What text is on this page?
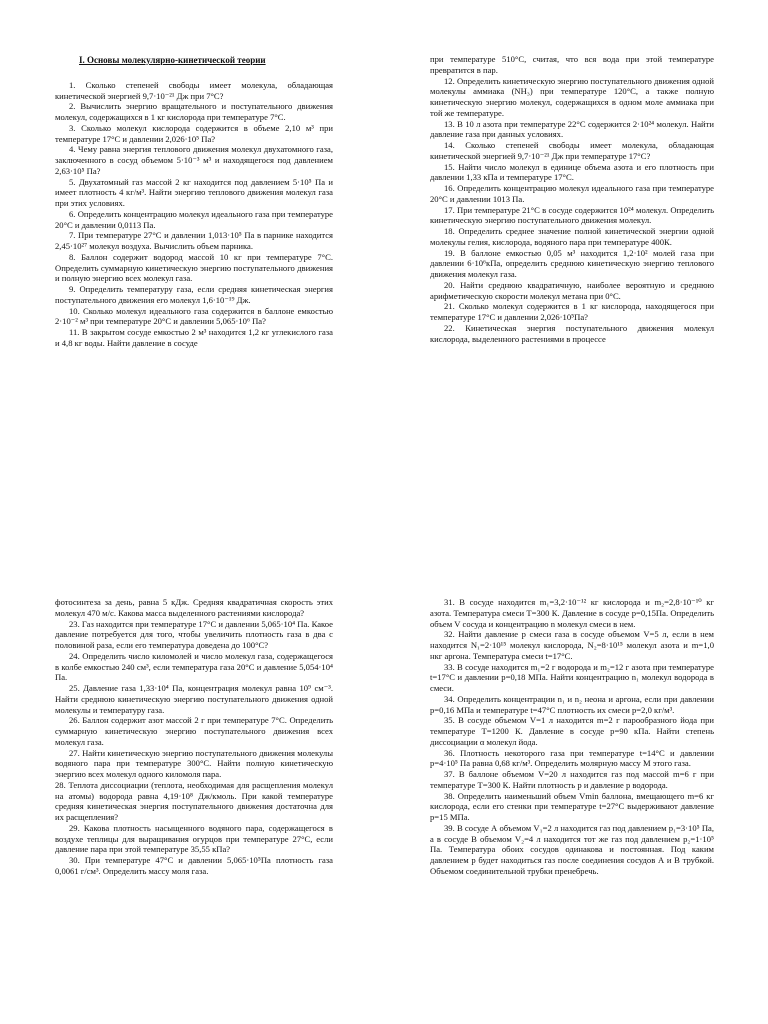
I. Основы молекулярно-кинетической теории

1. Сколько степеней свободы имеет молекула, обладающая кинетической энергией 9,7·10⁻²¹ Дж при 7°С?

2. Вычислить энергию вращательного и поступательного движения молекул, содержащихся в 1 кг кислорода при температуре 7°С.

3. Сколько молекул кислорода содержится в объеме 2,10 м³ при температуре 17°С и давлении 2,026·10⁵ Па?

4. Чему равна энергия теплового движения молекул двухатомного газа, заключенного в сосуд объемом 5·10⁻³ м³ и находящегося под давлением 2,63·10⁵ Па?

5. Двухатомный газ массой 2 кг находится под давлением 5·10⁵ Па и имеет плотность 4 кг/м³. Найти энергию теплового движения молекул газа при этих условиях.

6. Определить концентрацию молекул идеального газа при температуре 20°С и давлении 0,0113 Па.

7. При температуре 27°С и давлении 1,013·10⁵ Па в парнике находится 2,45·10²⁷ молекул воздуха. Вычислить объем парника.

8. Баллон содержит водород массой 10 кг при температуре 7°С. Определить суммарную кинетическую энергию поступательного движения и полную энергию всех молекул газа.

9. Определить температуру газа, если средняя кинетическая энергия поступательного движения его молекул 1,6·10⁻¹⁹ Дж.

10. Сколько молекул идеального газа содержится в баллоне емкостью 2·10⁻² м³ при температуре 20°С и давлении 5,065·10⁶ Па?

11. В закрытом сосуде емкостью 2 м³ находится 1,2 кг углекислого газа и 4,8 кг воды. Найти давление в сосуде

при температуре 510°С, считая, что вся вода при этой температуре превратится в пар.

12. Определить кинетическую энергию поступательного движения одной молекулы аммиака (NH₃) при температуре 120°С, а также полную кинетическую энергию молекул, содержащихся в одном моле аммиака при той же температуре.

13. В 10 л азота при температуре 22°С содержится 2·10²⁴ молекул. Найти давление газа при данных условиях.

14. Сколько степеней свободы имеет молекула, обладающая кинетической энергией 9,7·10⁻²¹ Дж при температуре 17°С?

15. Найти число молекул в единице объема азота и его плотность при давлении 1,33 кПа и температуре 17°С.

16. Определить концентрацию молекул идеального газа при температуре 20°С и давлении 1013 Па.

17. При температуре 21°С в сосуде содержится 10²⁴ молекул. Определить кинетическую энергию поступательного движения молекул.

18. Определить среднее значение полной кинетической энергии одной молекулы гелия, кислорода, водяного пара при температуре 400К.

19. В баллоне емкостью 0,05 м³ находится 1,2·10² молей газа при давлении 6·10⁶кПа, определить среднюю кинетическую энергию теплового движения молекул газа.

20. Найти среднюю квадратичную, наиболее вероятную и среднюю арифметическую скорости молекул метана при 0°С.

21. Сколько молекул содержится в 1 кг кислорода, находящегося при температуре 17°С и давлении 2,026·10⁵Па?

22. Кинетическая энергия поступательного движения молекул кислорода, выделенного растениями в процессе

фотосинтеза за день, равна 5 кДж. Средняя квадратичная скорость этих молекул 470 м/с. Какова масса выделенного растениями кислорода?

23. Газ находится при температуре 17°С и давлении 5,065·10⁴ Па. Какое давление потребуется для того, чтобы увеличить плотность газа в два с половиной раза, если его температура доведена до 100°С?

24. Определить число киломолей и число молекул газа, содержащегося в колбе емкостью 240 см³, если температура газа 20°С и давление 5,054·10⁴ Па.

25. Давление газа 1,33·10⁴ Па, концентрация молекул равна 10⁹ см⁻³. Найти среднюю кинетическую энергию поступательного движения одной молекулы и температуру газа.

26. Баллон содержит азот массой 2 г при температуре 7°С. Определить суммарную кинетическую энергию поступательного движения всех молекул газа.

27. Найти кинетическую энергию поступательного движения молекулы водяного пара при температуре 300°С. Найти полную кинетическую энергию всех молекул одного киломоля пара.

28. Теплота диссоциации (теплота, необходимая для расщепления молекул на атомы) водорода равна 4,19·10⁸ Дж/кмоль. При какой температуре средняя кинетическая энергия поступательного движения достаточна для их расщепления?

29. Какова плотность насыщенного водяного пара, содержащегося в воздухе теплицы для выращивания огурцов при температуре 27°С, если давление пара при этой температуре 35,55 кПа?

30. При температуре 47°С и давлении 5,065·10⁵Па плотность газа 0,0061 г/см³. Определить массу моля газа.

31. В сосуде находится m₁=3,2·10⁻¹² кг кислорода и m₂=2,8·10⁻¹⁰ кг азота. Температура смеси Т=300 К. Давление в сосуде р=0,15Па. Определить объем V сосуда и концентрацию n молекул смеси в нем.

32. Найти давление р смеси газа в сосуде объемом V=5 л, если в нем находится N₁=2·10¹⁵ молекул кислорода, N₂=8·10¹⁵ молекул азота и m=1,0 нкг аргона. Температура смеси t=17°С.

33. В сосуде находится m₁=2 г водорода и m₂=12 г азота при температуре t=17°С и давлении р=0,18 МПа. Найти концентрацию n₁ молекул водорода в смеси.

34. Определить концентрации n₁ и n₂ неона и аргона, если при давлении р=0,16 МПа и температуре t=47°С плотность их смеси р=2,0 кг/м³.

35. В сосуде объемом V=1 л находится m=2 г парообразного йода при температуре Т=1200 К. Давление в сосуде р=90 кПа. Найти степень диссоциации α молекул йода.

36. Плотность некоторого газа при температуре t=14°С и давлении р=4·10⁵ Па равна 0,68 кг/м³. Определить молярную массу М этого газа.

37. В баллоне объемом V=20 л находится газ под массой m=6 г при температуре Т=300 К. Найти плотность р и давление р водорода.

38. Определить наименьший объем Vmin баллона, вмещающего m=6 кг кислорода, если его стенки при температуре t=27°С выдерживают давление р=15 МПа.

39. В сосуде А объемом V₁=2 л находится газ под давлением р₁=3·10⁵ Па, а в сосуде В объемом V₂=4 л находится тот же газ под давлением р₂=1·10⁵ Па. Температура обоих сосудов одинакова и постоянная. Под каким давлением р будет находиться газ после соединения сосудов А и В трубкой. Объемом соединительной трубки пренебречь.
